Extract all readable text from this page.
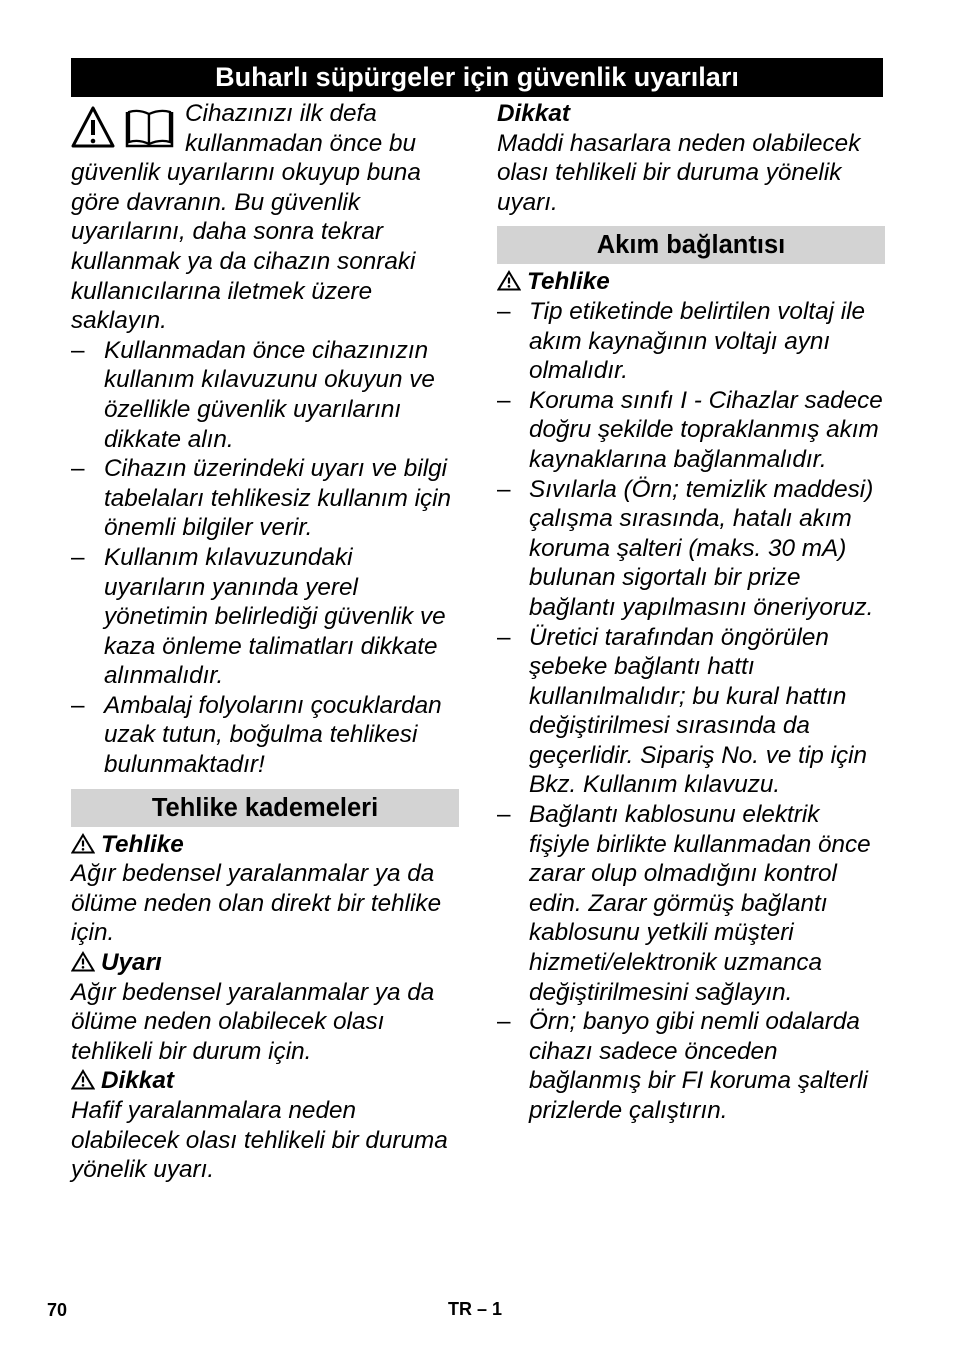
Buharlı süpürgeler için güvenlik uyarıları
Cihazınızı ilk defa kullanmadan önce bu güvenlik uyarılarını okuyup buna göre davranın. Bu güvenlik uyarılarını, daha sonra tekrar kullanmak ya da cihazın sonraki kullanıcılarına iletmek üzere saklayın.
– Kullanmadan önce cihazınızın kullanım kılavuzunu okuyun ve özellikle güvenlik uyarılarını dikkate alın.
– Cihazın üzerindeki uyarı ve bilgi tabelaları tehlikesiz kullanım için önemli bilgiler verir.
– Kullanım kılavuzundaki uyarıların yanında yerel yönetimin belirlediği güvenlik ve kaza önleme talimatları dikkate alınmalıdır.
– Ambalaj folyolarını çocuklardan uzak tutun, boğulma tehlikesi bulunmaktadır!
Tehlike kademeleri
Tehlike
Ağır bedensel yaralanmalar ya da ölüme neden olan direkt bir tehlike için.
Uyarı
Ağır bedensel yaralanmalar ya da ölüme neden olabilecek olası tehlikeli bir durum için.
Dikkat
Hafif yaralanmalara neden olabilecek olası tehlikeli bir duruma yönelik uyarı.
Dikkat
Maddi hasarlara neden olabilecek olası tehlikeli bir duruma yönelik uyarı.
Akım bağlantısı
Tehlike
– Tip etiketinde belirtilen voltaj ile akım kaynağının voltajı aynı olmalıdır.
– Koruma sınıfı I - Cihazlar sadece doğru şekilde topraklanmış akım kaynaklarına bağlanmalıdır.
– Sıvılarla (Örn; temizlik maddesi) çalışma sırasında, hatalı akım koruma şalteri (maks. 30 mA) bulunan sigortalı bir prize bağlantı yapılmasını öneriyoruz.
– Üretici tarafından öngörülen şebeke bağlantı hattı kullanılmalıdır; bu kural hattın değiştirilmesi sırasında da geçerlidir. Sipariş No. ve tip için Bkz. Kullanım kılavuzu.
– Bağlantı kablosunu elektrik fişiyle birlikte kullanmadan önce zarar olup olmadığını kontrol edin. Zarar görmüş bağlantı kablosunu yetkili müşteri hizmeti/elektronik uzmanca değiştirilmesini sağlayın.
– Örn; banyo gibi nemli odalarda cihazı sadece önceden bağlanmış bir FI koruma şalterli prizlerde çalıştırın.
70	TR – 1
